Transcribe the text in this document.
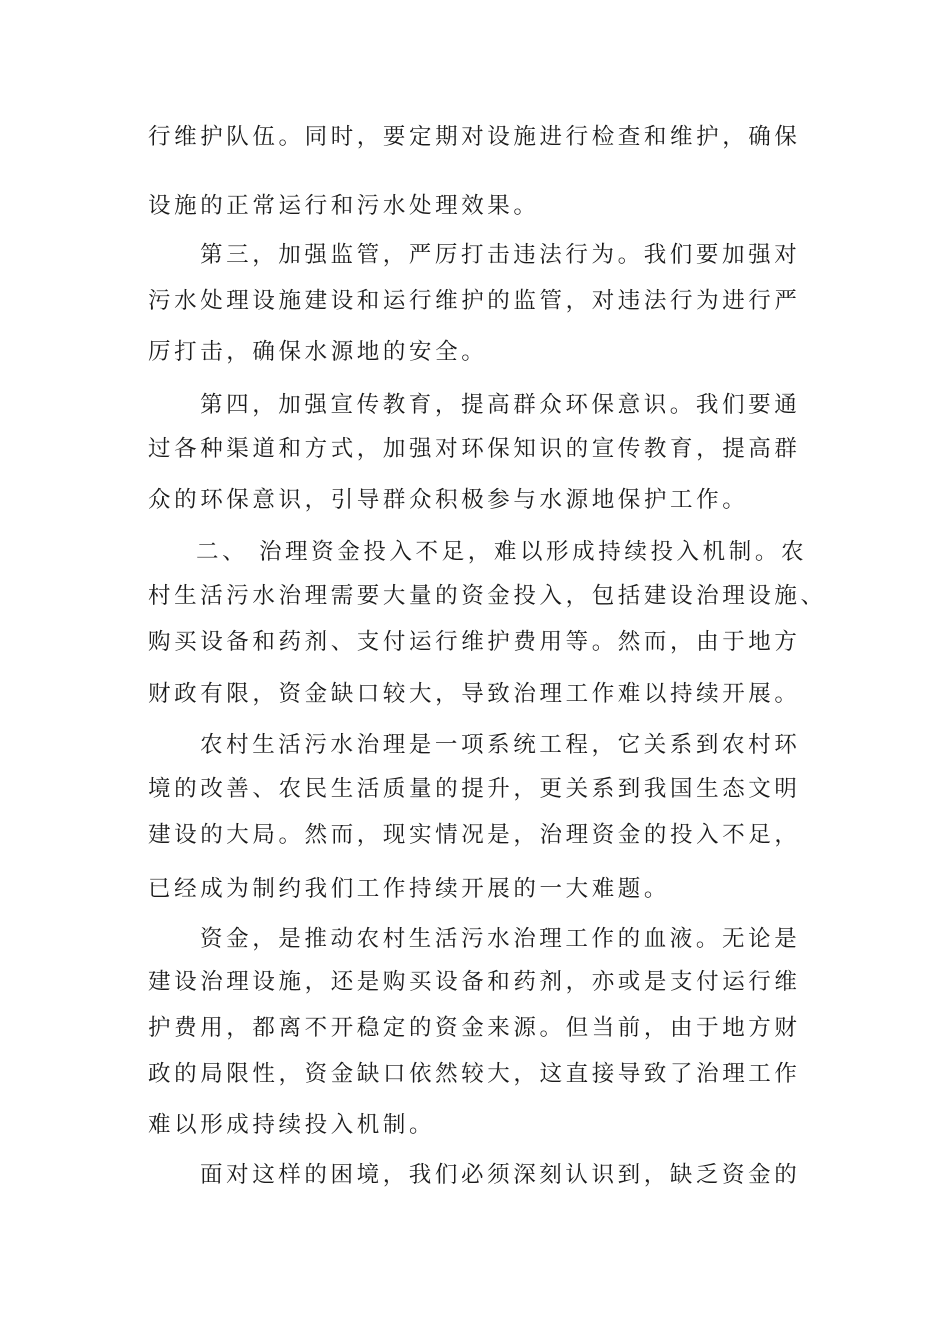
行维护队伍。同时，要定期对设施进行检查和维护，确保
设施的正常运行和污水处理效果。
第三，加强监管，严厉打击违法行为。我们要加强对
污水处理设施建设和运行维护的监管，对违法行为进行严
厉打击，确保水源地的安全。
第四，加强宣传教育，提高群众环保意识。我们要通
过各种渠道和方式，加强对环保知识的宣传教育，提高群
众的环保意识，引导群众积极参与水源地保护工作。
二、 治理资金投入不足，难以形成持续投入机制。农
村生活污水治理需要大量的资金投入，包括建设治理设施、
购买设备和药剂、支付运行维护费用等。然而，由于地方
财政有限，资金缺口较大，导致治理工作难以持续开展。
农村生活污水治理是一项系统工程，它关系到农村环
境的改善、农民生活质量的提升，更关系到我国生态文明
建设的大局。然而，现实情况是，治理资金的投入不足，
已经成为制约我们工作持续开展的一大难题。
资金，是推动农村生活污水治理工作的血液。无论是
建设治理设施，还是购买设备和药剂，亦或是支付运行维
护费用，都离不开稳定的资金来源。但当前，由于地方财
政的局限性，资金缺口依然较大，这直接导致了治理工作
难以形成持续投入机制。
面对这样的困境，我们必须深刻认识到，缺乏资金的
